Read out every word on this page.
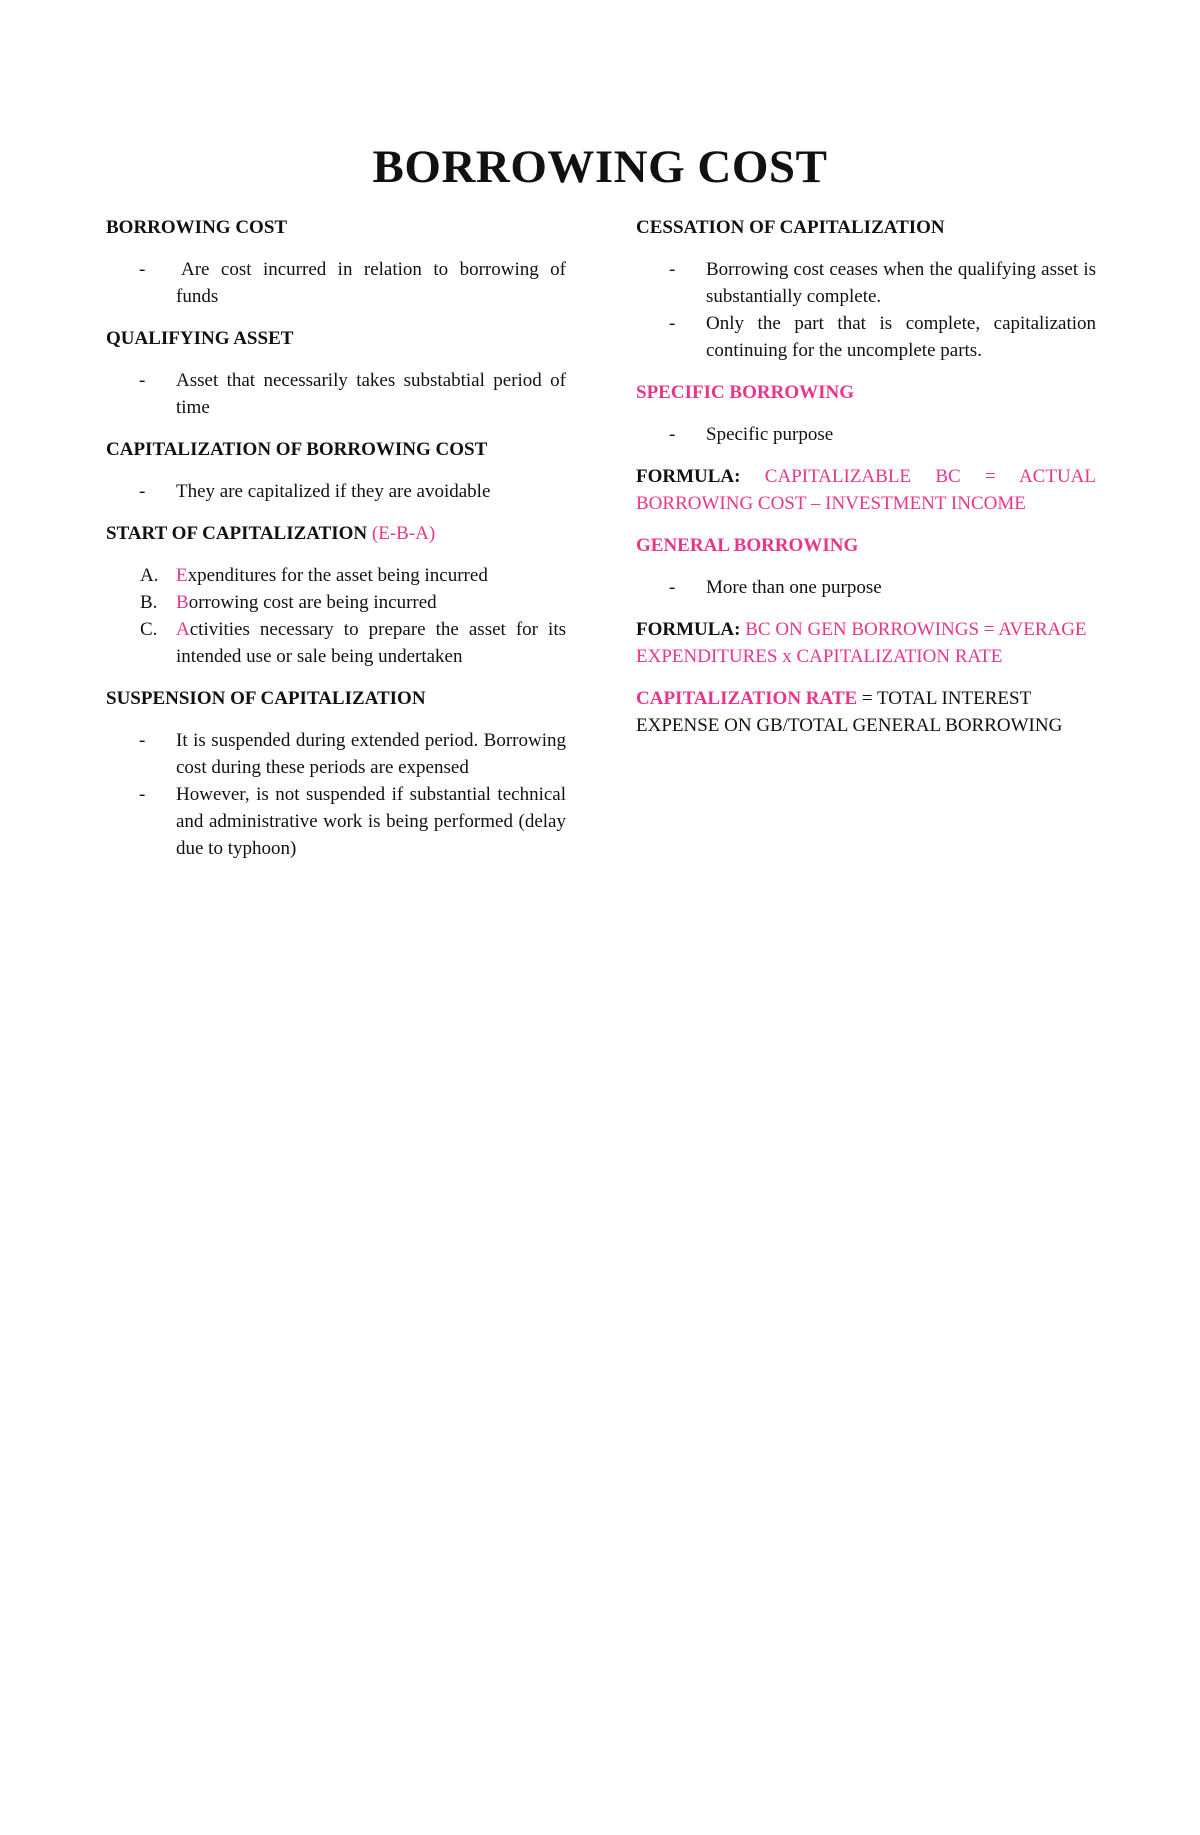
BORROWING COST
BORROWING COST
- Are cost incurred in relation to borrowing of funds
QUALIFYING ASSET
- Asset that necessarily takes substabtial period of time
CAPITALIZATION OF BORROWING COST
- They are capitalized if they are avoidable
START OF CAPITALIZATION (E-B-A)
A. Expenditures for the asset being incurred
B. Borrowing cost are being incurred
C. Activities necessary to prepare the asset for its intended use or sale being undertaken
SUSPENSION OF CAPITALIZATION
- It is suspended during extended period. Borrowing cost during these periods are expensed
- However, is not suspended if substantial technical and administrative work is being performed (delay due to typhoon)
CESSATION OF CAPITALIZATION
- Borrowing cost ceases when the qualifying asset is substantially complete.
- Only the part that is complete, capitalization continuing for the uncomplete parts.
SPECIFIC BORROWING
- Specific purpose
FORMULA: CAPITALIZABLE BC = ACTUAL BORROWING COST – INVESTMENT INCOME
GENERAL BORROWING
- More than one purpose
FORMULA: BC ON GEN BORROWINGS = AVERAGE EXPENDITURES x CAPITALIZATION RATE
CAPITALIZATION RATE = TOTAL INTEREST EXPENSE ON GB/TOTAL GENERAL BORROWING
